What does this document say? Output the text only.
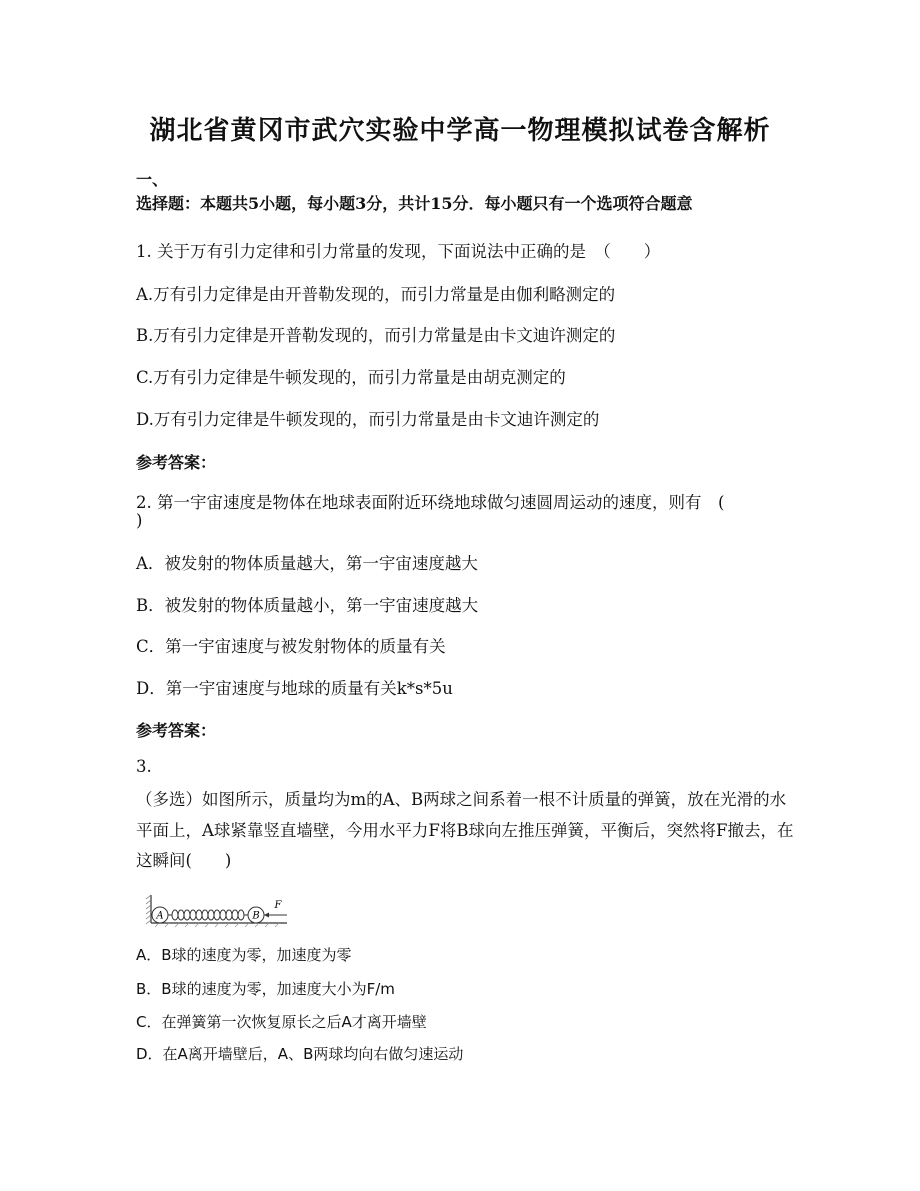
湖北省黄冈市武穴实验中学高一物理模拟试卷含解析
一、
选择题：本题共5小题，每小题3分，共计15分．每小题只有一个选项符合题意
1. 关于万有引力定律和引力常量的发现，下面说法中正确的是　（　　）
A.万有引力定律是由开普勒发现的，而引力常量是由伽利略测定的
B.万有引力定律是开普勒发现的，而引力常量是由卡文迪许测定的
C.万有引力定律是牛顿发现的，而引力常量是由胡克测定的
D.万有引力定律是牛顿发现的，而引力常量是由卡文迪许测定的
参考答案：
2. 第一宇宙速度是物体在地球表面附近环绕地球做匀速圆周运动的速度，则有　(
)
A．被发射的物体质量越大，第一宇宙速度越大
B．被发射的物体质量越小，第一宇宙速度越大
C．第一宇宙速度与被发射物体的质量有关
D．第一宇宙速度与地球的质量有关k*s*5u
参考答案：
3.
（多选）如图所示，质量均为m的A、B两球之间系着一根不计质量的弹簧，放在光滑的水
平面上，A球紧靠竖直墙壁，今用水平力F将B球向左推压弹簧，平衡后，突然将F撤去，在
这瞬间(　　)
A	B
F
A．B球的速度为零，加速度为零
B．B球的速度为零，加速度大小为F/m
C．在弹簧第一次恢复原长之后A才离开墙壁
D．在A离开墙壁后，A、B两球均向右做匀速运动
